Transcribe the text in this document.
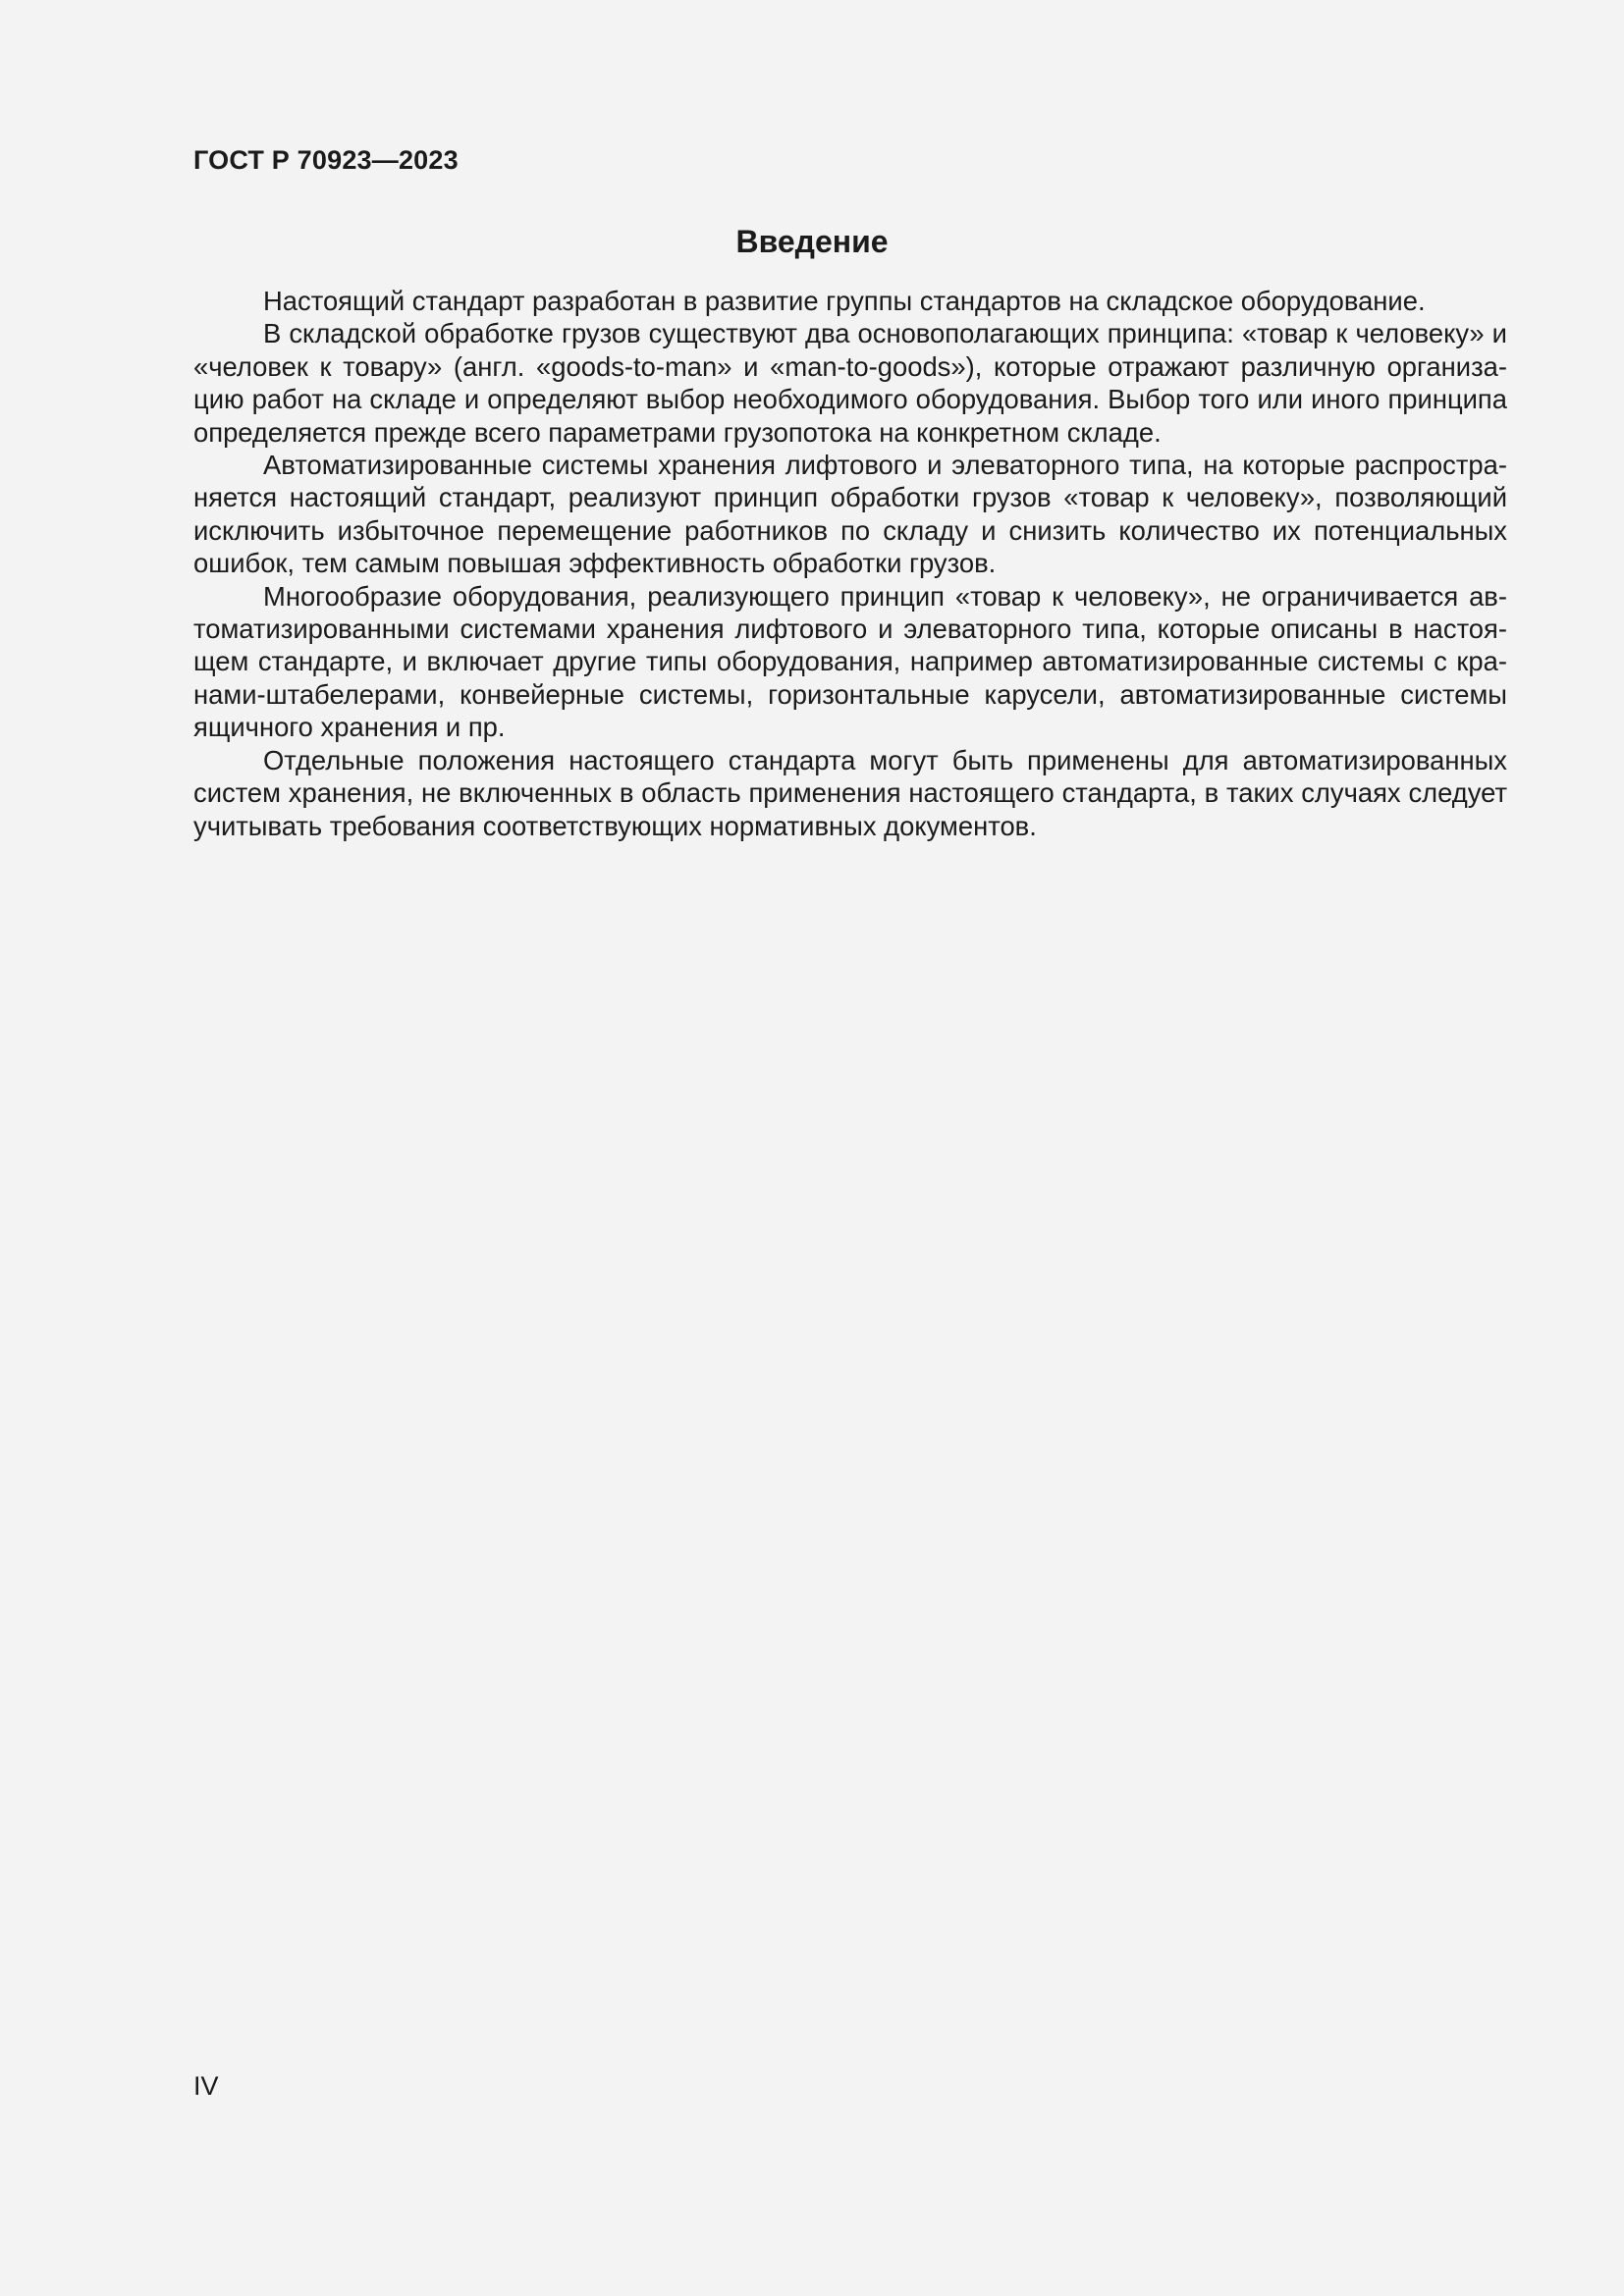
ГОСТ Р 70923—2023
Введение

Настоящий стандарт разработан в развитие группы стандартов на складское оборудование.

В складской обработке грузов существуют два основополагающих принципа: «товар к человеку» и «человек к товару» (англ. «goods-to-man» и «man-to-goods»), которые отражают различную организацию работ на складе и определяют выбор необходимого оборудования. Выбор того или иного принципа определяется прежде всего параметрами грузопотока на конкретном складе.

Автоматизированные системы хранения лифтового и элеваторного типа, на которые распространяется настоящий стандарт, реализуют принцип обработки грузов «товар к человеку», позволяющий исключить избыточное перемещение работников по складу и снизить количество их потенциальных ошибок, тем самым повышая эффективность обработки грузов.

Многообразие оборудования, реализующего принцип «товар к человеку», не ограничивается автоматизированными системами хранения лифтового и элеваторного типа, которые описаны в настоящем стандарте, и включает другие типы оборудования, например автоматизированные системы с кранами-штабелерами, конвейерные системы, горизонтальные карусели, автоматизированные системы ящичного хранения и пр.

Отдельные положения настоящего стандарта могут быть применены для автоматизированных систем хранения, не включенных в область применения настоящего стандарта, в таких случаях следует учитывать требования соответствующих нормативных документов.

IV
